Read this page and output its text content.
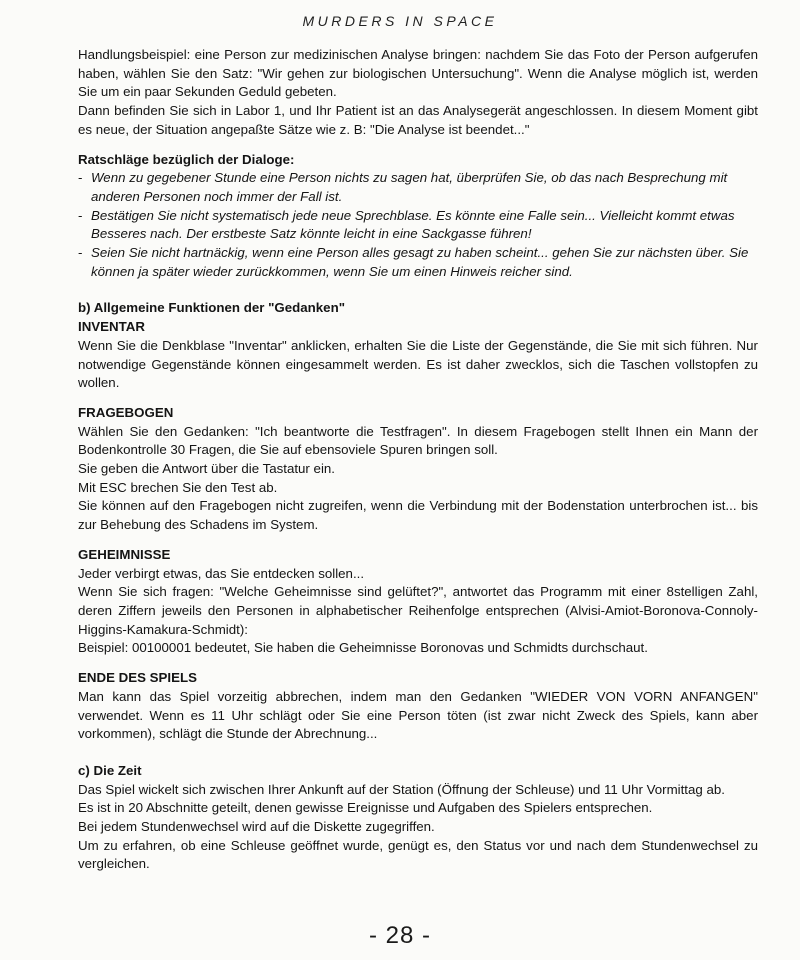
MURDERS IN SPACE

Handlungsbeispiel: eine Person zur medizinischen Analyse bringen: nachdem Sie das Foto der Person aufgerufen haben, wählen Sie den Satz: "Wir gehen zur biologischen Untersuchung". Wenn die Analyse möglich ist, werden Sie um ein paar Sekunden Geduld gebeten.

Dann befinden Sie sich in Labor 1, und Ihr Patient ist an das Analysegerät angeschlossen. In diesem Moment gibt es neue, der Situation angepaßte Sätze wie z. B: "Die Analyse ist beendet..."

Ratschläge bezüglich der Dialoge:

- Wenn zu gegebener Stunde eine Person nichts zu sagen hat, überprüfen Sie, ob das nach Besprechung mit anderen Personen noch immer der Fall ist.
- Bestätigen Sie nicht systematisch jede neue Sprechblase. Es könnte eine Falle sein... Vielleicht kommt etwas Besseres nach. Der erstbeste Satz könnte leicht in eine Sackgasse führen!
- Seien Sie nicht hartnäckig, wenn eine Person alles gesagt zu haben scheint... gehen Sie zur nächsten über. Sie können ja später wieder zurückkommen, wenn Sie um einen Hinweis reicher sind.

b) Allgemeine Funktionen der "Gedanken"

INVENTAR

Wenn Sie die Denkblase "Inventar" anklicken, erhalten Sie die Liste der Gegenstände, die Sie mit sich führen. Nur notwendige Gegenstände können eingesammelt werden. Es ist daher zwecklos, sich die Taschen vollstopfen zu wollen.

FRAGEBOGEN

Wählen Sie den Gedanken: "Ich beantworte die Testfragen". In diesem Fragebogen stellt Ihnen ein Mann der Bodenkontrolle 30 Fragen, die Sie auf ebensoviele Spuren bringen soll.

Sie geben die Antwort über die Tastatur ein.

Mit ESC brechen Sie den Test ab.

Sie können auf den Fragebogen nicht zugreifen, wenn die Verbindung mit der Bodenstation unterbrochen ist... bis zur Behebung des Schadens im System.

GEHEIMNISSE

Jeder verbirgt etwas, das Sie entdecken sollen...

Wenn Sie sich fragen: "Welche Geheimnisse sind gelüftet?", antwortet das Programm mit einer 8stelligen Zahl, deren Ziffern jeweils den Personen in alphabetischer Reihenfolge entsprechen (Alvisi-Amiot-Boronova-Connoly-Higgins-Kamakura-Schmidt):

Beispiel: 00100001 bedeutet, Sie haben die Geheimnisse Boronovas und Schmidts durchschaut.

ENDE DES SPIELS

Man kann das Spiel vorzeitig abbrechen, indem man den Gedanken "WIEDER VON VORN ANFANGEN" verwendet. Wenn es 11 Uhr schlägt oder Sie eine Person töten (ist zwar nicht Zweck des Spiels, kann aber vorkommen), schlägt die Stunde der Abrechnung...

c) Die Zeit

Das Spiel wickelt sich zwischen Ihrer Ankunft auf der Station (Öffnung der Schleuse) und 11 Uhr Vormittag ab.

Es ist in 20 Abschnitte geteilt, denen gewisse Ereignisse und Aufgaben des Spielers entsprechen.

Bei jedem Stundenwechsel wird auf die Diskette zugegriffen.

Um zu erfahren, ob eine Schleuse geöffnet wurde, genügt es, den Status vor und nach dem Stundenwechsel zu vergleichen.

- 28 -
